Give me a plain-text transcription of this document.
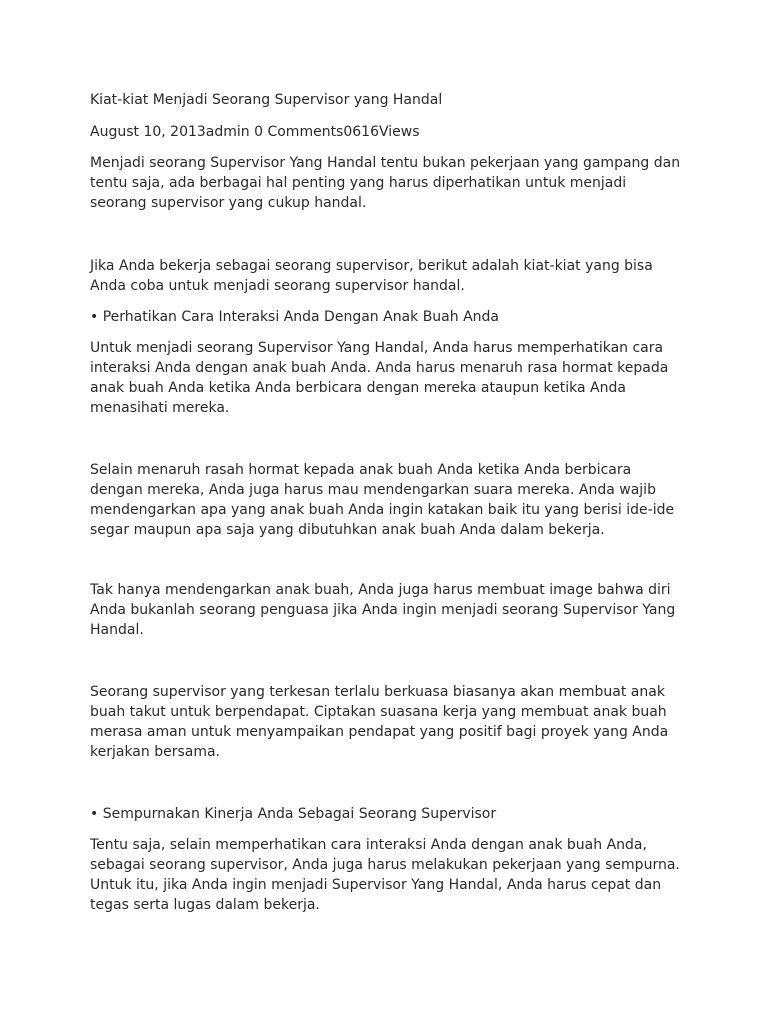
Kiat-kiat Menjadi Seorang Supervisor yang Handal

August 10, 2013admin 0 Comments0616Views

Menjadi seorang Supervisor Yang Handal tentu bukan pekerjaan yang gampang dan

tentu saja, ada berbagai hal penting yang harus diperhatikan untuk menjadi

seorang supervisor yang cukup handal.

Jika Anda bekerja sebagai seorang supervisor, berikut adalah kiat-kiat yang bisa

Anda coba untuk menjadi seorang supervisor handal.

• Perhatikan Cara Interaksi Anda Dengan Anak Buah Anda

Untuk menjadi seorang Supervisor Yang Handal, Anda harus memperhatikan cara

interaksi Anda dengan anak buah Anda. Anda harus menaruh rasa hormat kepada

anak buah Anda ketika Anda berbicara dengan mereka ataupun ketika Anda

menasihati mereka.

Selain menaruh rasah hormat kepada anak buah Anda ketika Anda berbicara

dengan mereka, Anda juga harus mau mendengarkan suara mereka. Anda wajib

mendengarkan apa yang anak buah Anda ingin katakan baik itu yang berisi ide-ide

segar maupun apa saja yang dibutuhkan anak buah Anda dalam bekerja.

Tak hanya mendengarkan anak buah, Anda juga harus membuat image bahwa diri

Anda bukanlah seorang penguasa jika Anda ingin menjadi seorang Supervisor Yang

Handal.

Seorang supervisor yang terkesan terlalu berkuasa biasanya akan membuat anak

buah takut untuk berpendapat. Ciptakan suasana kerja yang membuat anak buah

merasa aman untuk menyampaikan pendapat yang positif bagi proyek yang Anda

kerjakan bersama.

• Sempurnakan Kinerja Anda Sebagai Seorang Supervisor

Tentu saja, selain memperhatikan cara interaksi Anda dengan anak buah Anda,

sebagai seorang supervisor, Anda juga harus melakukan pekerjaan yang sempurna.

Untuk itu, jika Anda ingin menjadi Supervisor Yang Handal, Anda harus cepat dan

tegas serta lugas dalam bekerja.
